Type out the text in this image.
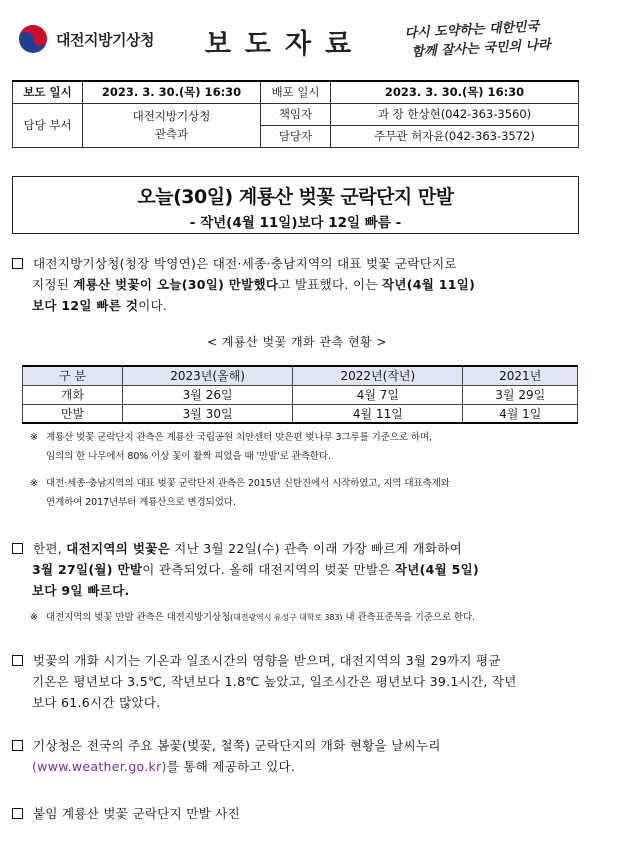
대전지방기상청	보도자료	다시 도약하는 대한민국
함께 잘사는 국민의 나라
보도 일시	2023. 3. 30.(목) 16:30	배포 일시	2023. 3. 30.(목) 16:30
담당 부서	대전지방기상청
관측과	책임자	과 장 한상현(042-363-3560)
		담당자	주무관 허자윤(042-363-3572)
오늘(30일) 계룡산 벚꽃 군락단지 만발
- 작년(4월 11일)보다 12일 빠름 -
대전지방기상청(청장 박영연)은 대전·세종·충남지역의 대표 벚꽃 군락단지로
지정된 계룡산 벚꽃이 오늘(30일) 만발했다고 발표했다. 이는 작년(4월 11일)
보다 12일 빠른 것이다.
< 계룡산 벚꽃 개화 관측 현황 >
구 분	2023년(올해)	2022년(작년)	2021년
개화	3월 26일	4월 7일	3월 29일
만발	3월 30일	4월 11일	4월 1일
※ 계룡산 벚꽃 군락단지 관측은 계룡산 국립공원 치안센터 맞은편 벚나무 3그루를 기준으로 하며,
임의의 한 나무에서 80% 이상 꽃이 활짝 피었을 때 '만발'로 관측한다.
※ 대전·세종·충남지역의 대표 벚꽃 군락단지 관측은 2015년 신탄진에서 시작하였고, 지역 대표축제와
연계하여 2017년부터 계룡산으로 변경되었다.
한편, 대전지역의 벚꽃은 지난 3월 22일(수) 관측 이래 가장 빠르게 개화하여
3월 27일(월) 만발이 관측되었다. 올해 대전지역의 벚꽃 만발은 작년(4월 5일)
보다 9일 빠르다.
※ 대전지역의 벚꽃 만발 관측은 대전지방기상청(대전광역시 유성구 대학로 383) 내 관측표준목을 기준으로 한다.
벚꽃의 개화 시기는 기온과 일조시간의 영향을 받으며, 대전지역의 3월 29까지 평균
기온은 평년보다 3.5℃, 작년보다 1.8℃ 높았고, 일조시간은 평년보다 39.1시간, 작년
보다 61.6시간 많았다.
기상청은 전국의 주요 봄꽃(벚꽃, 철쭉) 군락단지의 개화 현황을 날씨누리
(www.weather.go.kr)를 통해 제공하고 있다.
붙임 계룡산 벚꽃 군락단지 만발 사진
